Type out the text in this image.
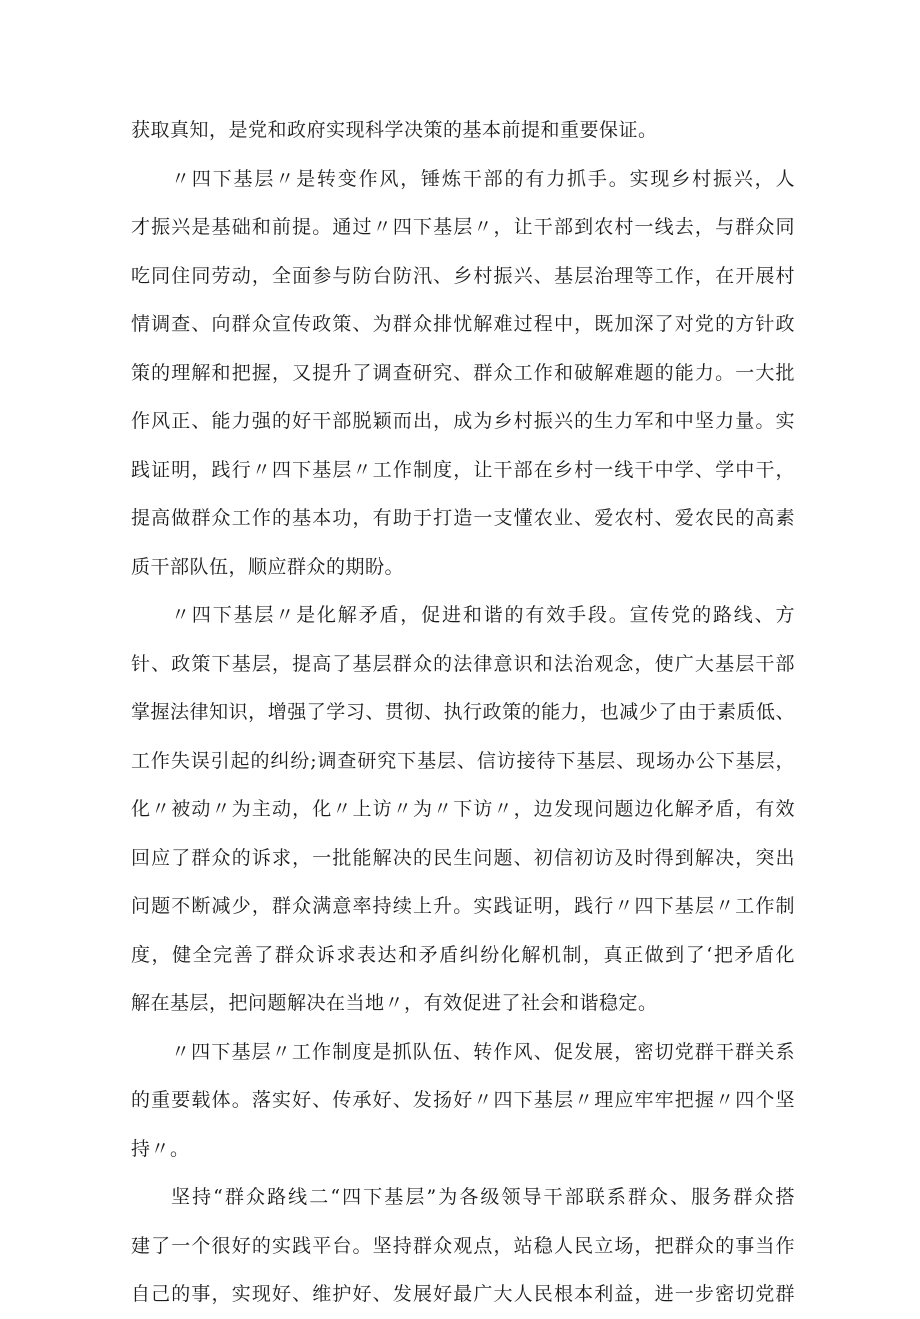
获取真知，是党和政府实现科学决策的基本前提和重要保证。
〃四下基层〃是转变作风，锤炼干部的有力抓手。实现乡村振兴，人
才振兴是基础和前提。通过〃四下基层〃，让干部到农村一线去，与群众同
吃同住同劳动，全面参与防台防汛、乡村振兴、基层治理等工作，在开展村
情调查、向群众宣传政策、为群众排忧解难过程中，既加深了对党的方针政
策的理解和把握，又提升了调查研究、群众工作和破解难题的能力。一大批
作风正、能力强的好干部脱颖而出，成为乡村振兴的生力军和中坚力量。实
践证明，践行〃四下基层〃工作制度，让干部在乡村一线干中学、学中干，
提高做群众工作的基本功，有助于打造一支懂农业、爱农村、爱农民的高素
质干部队伍，顺应群众的期盼。
〃四下基层〃是化解矛盾，促进和谐的有效手段。宣传党的路线、方
针、政策下基层，提高了基层群众的法律意识和法治观念，使广大基层干部
掌握法律知识，增强了学习、贯彻、执行政策的能力，也减少了由于素质低、
工作失误引起的纠纷;调查研究下基层、信访接待下基层、现场办公下基层，
化〃被动〃为主动，化〃上访〃为〃下访〃，边发现问题边化解矛盾，有效
回应了群众的诉求，一批能解决的民生问题、初信初访及时得到解决，突出
问题不断减少，群众满意率持续上升。实践证明，践行〃四下基层〃工作制
度，健全完善了群众诉求表达和矛盾纠纷化解机制，真正做到了‘把矛盾化
解在基层，把问题解决在当地〃，有效促进了社会和谐稳定。
〃四下基层〃工作制度是抓队伍、转作风、促发展，密切党群干群关系
的重要载体。落实好、传承好、发扬好〃四下基层〃理应牢牢把握〃四个坚
持〃。
坚持“群众路线二“四下基层”为各级领导干部联系群众、服务群众搭
建了一个很好的实践平台。坚持群众观点，站稳人民立场，把群众的事当作
自己的事，实现好、维护好、发展好最广大人民根本利益，进一步密切党群
